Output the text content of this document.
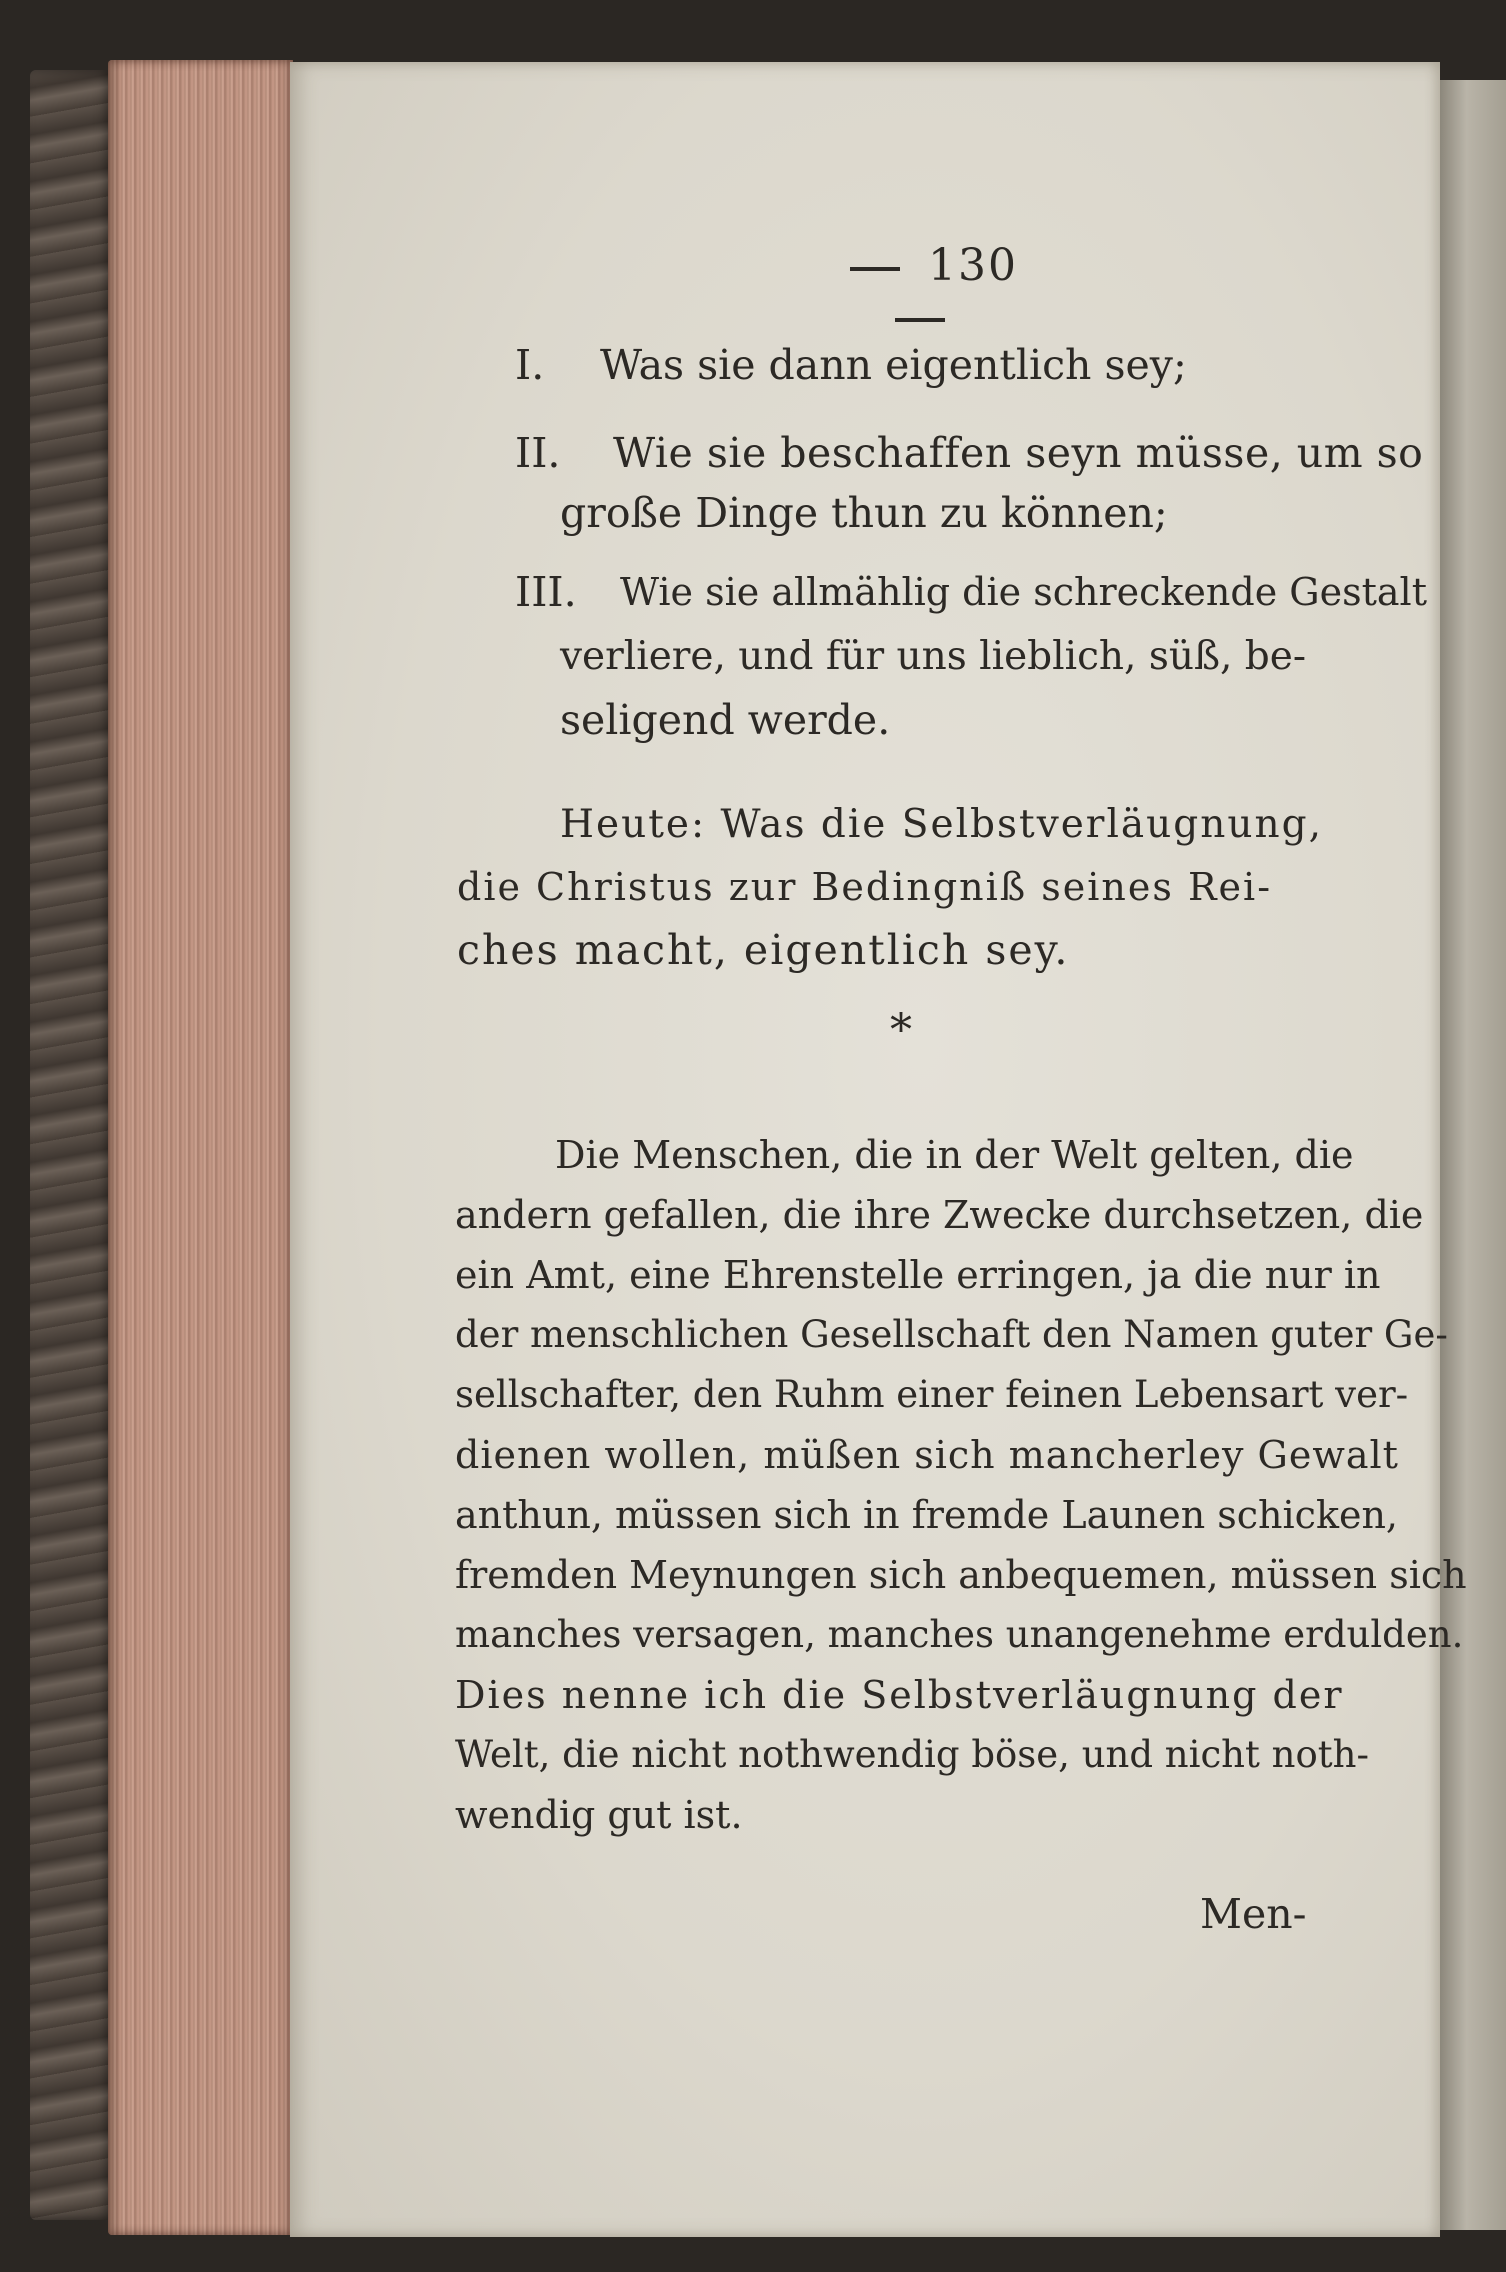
130
I. Was sie dann eigentlich sey;
II. Wie sie beschaffen seyn müsse, um so
große Dinge thun zu können;
III. Wie sie allmählig die schreckende Gestalt
verliere, und für uns lieblich, süß, be-
seligend werde.
Heute: Was die Selbstverläugnung,
die Christus zur Bedingniß seines Rei-
ches macht, eigentlich sey.
*
Die Menschen, die in der Welt gelten, die
andern gefallen, die ihre Zwecke durchsetzen, die
ein Amt, eine Ehrenstelle erringen, ja die nur in
der menschlichen Gesellschaft den Namen guter Ge-
sellschafter, den Ruhm einer feinen Lebensart ver-
dienen wollen, müßen sich mancherley Gewalt
anthun, müssen sich in fremde Launen schicken,
fremden Meynungen sich anbequemen, müssen sich
manches versagen, manches unangenehme erdulden.
Dies nenne ich die Selbstverläugnung der
Welt, die nicht nothwendig böse, und nicht noth-
wendig gut ist.
Men-
